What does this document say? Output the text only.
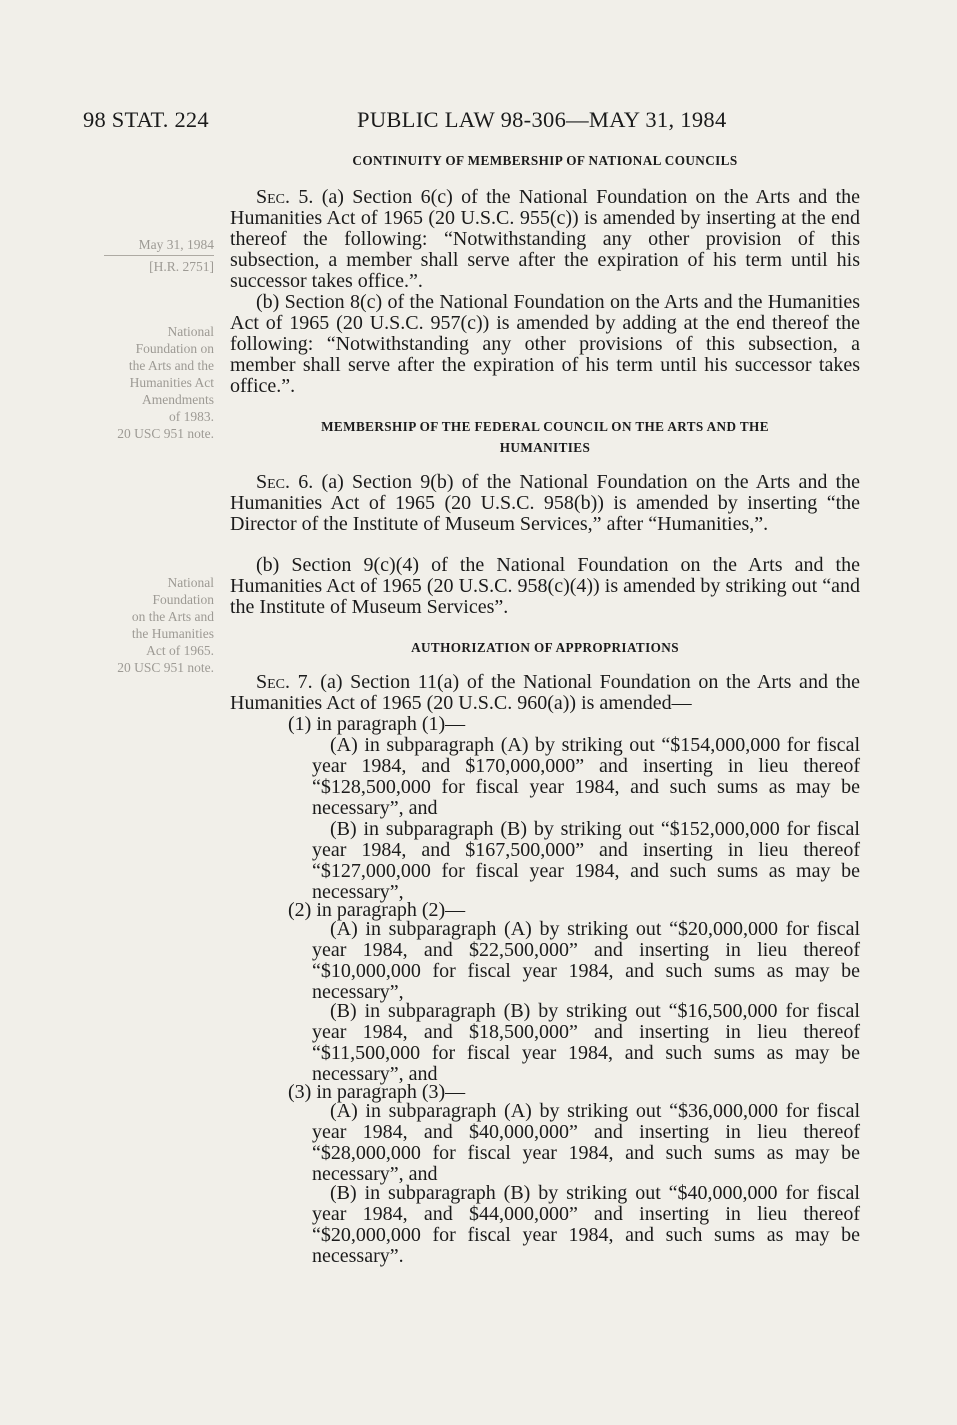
98 STAT. 224	PUBLIC LAW 98-306—MAY 31, 1984
May 31, 1984
[H.R. 2751]
National
Foundation on
the Arts and the
Humanities Act
Amendments
of 1983.
20 USC 951 note.
National
Foundation
on the Arts and
the Humanities
Act of 1965.
20 USC 951 note.
CONTINUITY OF MEMBERSHIP OF NATIONAL COUNCILS

Sec. 5. (a) Section 6(c) of the National Foundation on the Arts and the Humanities Act of 1965 (20 U.S.C. 955(c)) is amended by inserting at the end thereof the following: “Notwithstanding any other provision of this subsection, a member shall serve after the expiration of his term until his successor takes office.”.

(b) Section 8(c) of the National Foundation on the Arts and the Humanities Act of 1965 (20 U.S.C. 957(c)) is amended by adding at the end thereof the following: “Notwithstanding any other provisions of this subsection, a member shall serve after the expiration of his term until his successor takes office.”.

MEMBERSHIP OF THE FEDERAL COUNCIL ON THE ARTS AND THE
HUMANITIES

Sec. 6. (a) Section 9(b) of the National Foundation on the Arts and the Humanities Act of 1965 (20 U.S.C. 958(b)) is amended by inserting “the Director of the Institute of Museum Services,” after “Humanities,”.

(b) Section 9(c)(4) of the National Foundation on the Arts and the Humanities Act of 1965 (20 U.S.C. 958(c)(4)) is amended by striking out “and the Institute of Museum Services”.

AUTHORIZATION OF APPROPRIATIONS

Sec. 7. (a) Section 11(a) of the National Foundation on the Arts and the Humanities Act of 1965 (20 U.S.C. 960(a)) is amended—

(1) in paragraph (1)—

(A) in subparagraph (A) by striking out “$154,000,000 for fiscal year 1984, and $170,000,000” and inserting in lieu thereof “$128,500,000 for fiscal year 1984, and such sums as may be necessary”, and

(B) in subparagraph (B) by striking out “$152,000,000 for fiscal year 1984, and $167,500,000” and inserting in lieu thereof “$127,000,000 for fiscal year 1984, and such sums as may be necessary”,

(2) in paragraph (2)—

(A) in subparagraph (A) by striking out “$20,000,000 for fiscal year 1984, and $22,500,000” and inserting in lieu thereof “$10,000,000 for fiscal year 1984, and such sums as may be necessary”,

(B) in subparagraph (B) by striking out “$16,500,000 for fiscal year 1984, and $18,500,000” and inserting in lieu thereof “$11,500,000 for fiscal year 1984, and such sums as may be necessary”, and

(3) in paragraph (3)—

(A) in subparagraph (A) by striking out “$36,000,000 for fiscal year 1984, and $40,000,000” and inserting in lieu thereof “$28,000,000 for fiscal year 1984, and such sums as may be necessary”, and

(B) in subparagraph (B) by striking out “$40,000,000 for fiscal year 1984, and $44,000,000” and inserting in lieu thereof “$20,000,000 for fiscal year 1984, and such sums as may be necessary”.
